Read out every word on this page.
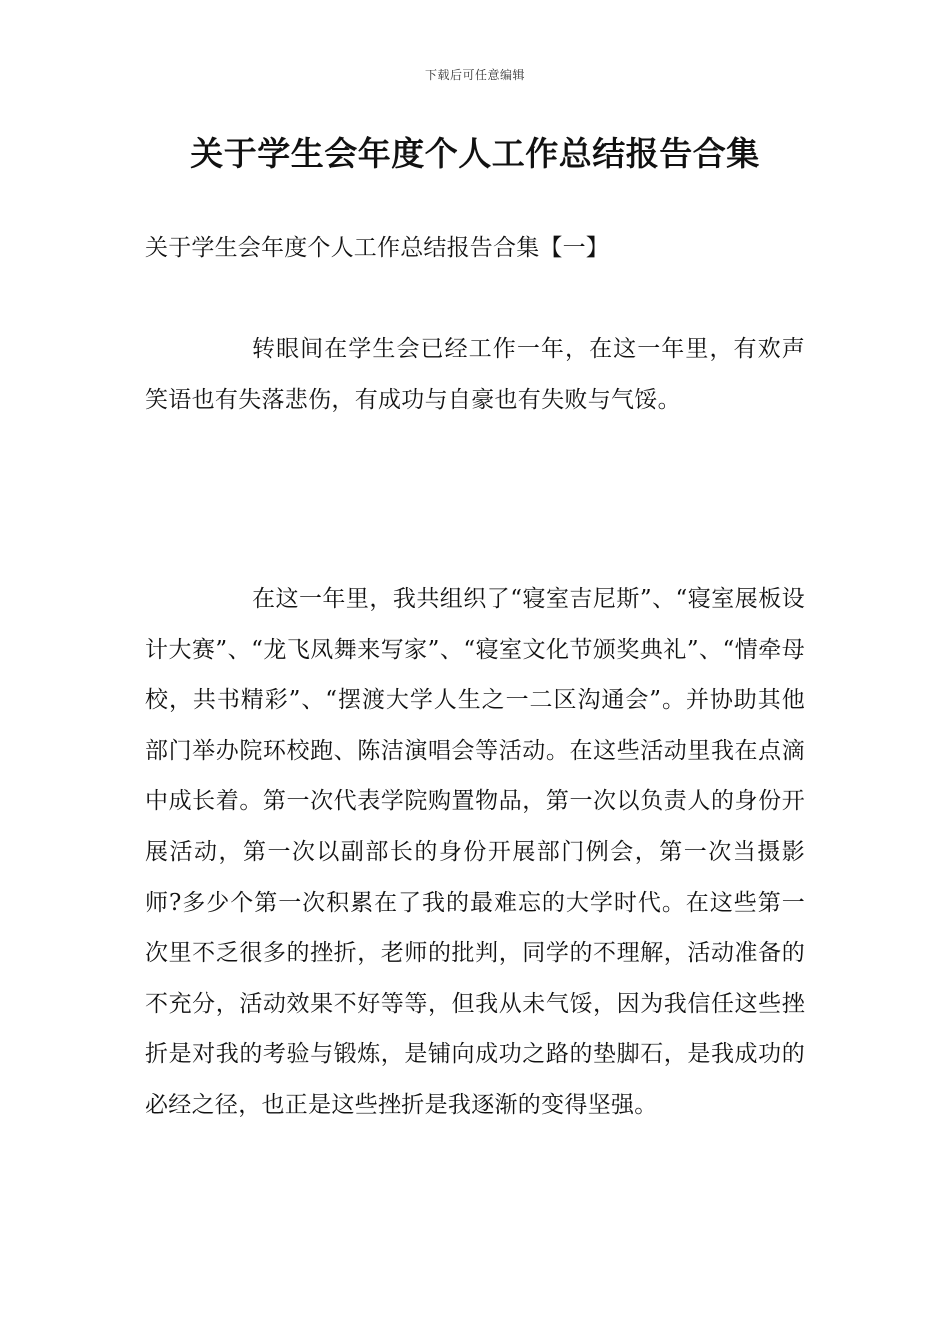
下载后可任意编辑
关于学生会年度个人工作总结报告合集
关于学生会年度个人工作总结报告合集【一】

转眼间在学生会已经工作一年，在这一年里，有欢声笑语也有失落悲伤，有成功与自豪也有失败与气馁。

在这一年里，我共组织了“寝室吉尼斯”、“寝室展板设计大赛”、“龙飞凤舞来写家”、“寝室文化节颁奖典礼”、“情牵母校，共书精彩”、“摆渡大学人生之一二区沟通会”。并协助其他部门举办院环校跑、陈洁演唱会等活动。在这些活动里我在点滴中成长着。第一次代表学院购置物品，第一次以负责人的身份开展活动，第一次以副部长的身份开展部门例会，第一次当摄影师?多少个第一次积累在了我的最难忘的大学时代。在这些第一次里不乏很多的挫折，老师的批判，同学的不理解，活动准备的不充分，活动效果不好等等，但我从未气馁，因为我信任这些挫折是对我的考验与锻炼，是铺向成功之路的垫脚石，是我成功的必经之径，也正是这些挫折是我逐渐的变得坚强。
